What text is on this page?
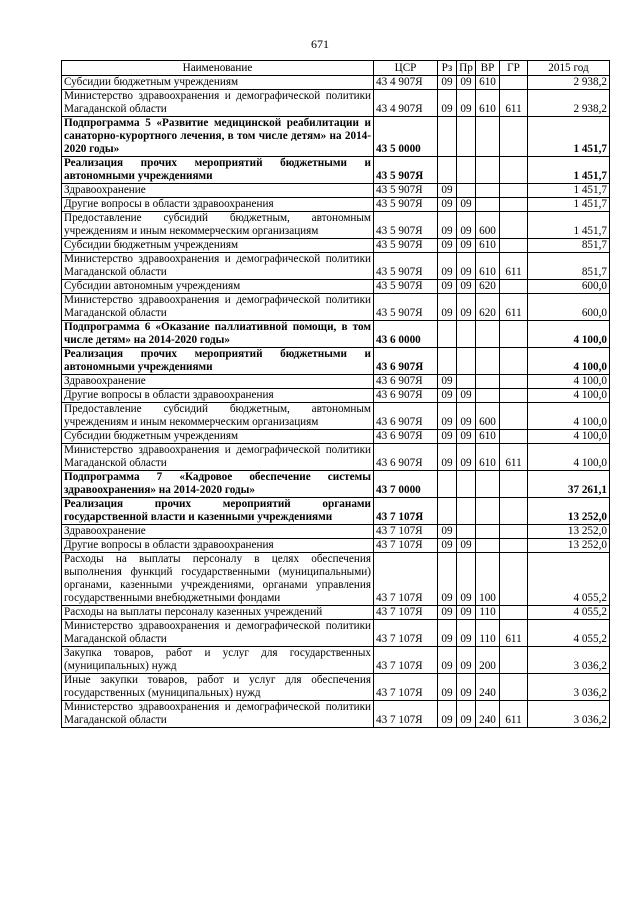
671
Наименование	ЦСР	Рз	Пр	ВР	ГР	2015 год
Субсидии бюджетным учреждениям	43 4 907Я	09	09	610		2 938,2
Министерство здравоохранения и демографической политики Магаданской области	43 4 907Я	09	09	610	611	2 938,2
Подпрограмма 5 «Развитие медицинской реабилитации и санаторно-курортного лечения, в том числе детям» на 2014-2020 годы»	43 5 0000					1 451,7
Реализация прочих мероприятий бюджетными и автономными учреждениями	43 5 907Я					1 451,7
Здравоохранение	43 5 907Я	09				1 451,7
Другие вопросы в области здравоохранения	43 5 907Я	09	09			1 451,7
Предоставление субсидий бюджетным, автономным учреждениям и иным некоммерческим организациям	43 5 907Я	09	09	600		1 451,7
Субсидии бюджетным учреждениям	43 5 907Я	09	09	610		851,7
Министерство здравоохранения и демографической политики Магаданской области	43 5 907Я	09	09	610	611	851,7
Субсидии автономным учреждениям	43 5 907Я	09	09	620		600,0
Министерство здравоохранения и демографической политики Магаданской области	43 5 907Я	09	09	620	611	600,0
Подпрограмма 6 «Оказание паллиативной помощи, в том числе детям» на 2014-2020 годы»	43 6 0000					4 100,0
Реализация прочих мероприятий бюджетными и автономными учреждениями	43 6 907Я					4 100,0
Здравоохранение	43 6 907Я	09				4 100,0
Другие вопросы в области здравоохранения	43 6 907Я	09	09			4 100,0
Предоставление субсидий бюджетным, автономным учреждениям и иным некоммерческим организациям	43 6 907Я	09	09	600		4 100,0
Субсидии бюджетным учреждениям	43 6 907Я	09	09	610		4 100,0
Министерство здравоохранения и демографической политики Магаданской области	43 6 907Я	09	09	610	611	4 100,0
Подпрограмма 7 «Кадровое обеспечение системы здравоохранения» на 2014-2020 годы»	43 7 0000					37 261,1
Реализация прочих мероприятий органами государственной власти и казенными учреждениями	43 7 107Я					13 252,0
Здравоохранение	43 7 107Я	09				13 252,0
Другие вопросы в области здравоохранения	43 7 107Я	09	09			13 252,0
Расходы на выплаты персоналу в целях обеспечения выполнения функций государственными (муниципальными) органами, казенными учреждениями, органами управления государственными внебюджетными фондами	43 7 107Я	09	09	100		4 055,2
Расходы на выплаты персоналу казенных учреждений	43 7 107Я	09	09	110		4 055,2
Министерство здравоохранения и демографической политики Магаданской области	43 7 107Я	09	09	110	611	4 055,2
Закупка товаров, работ и услуг для государственных (муниципальных) нужд	43 7 107Я	09	09	200		3 036,2
Иные закупки товаров, работ и услуг для обеспечения государственных (муниципальных) нужд	43 7 107Я	09	09	240		3 036,2
Министерство здравоохранения и демографической политики Магаданской области	43 7 107Я	09	09	240	611	3 036,2
